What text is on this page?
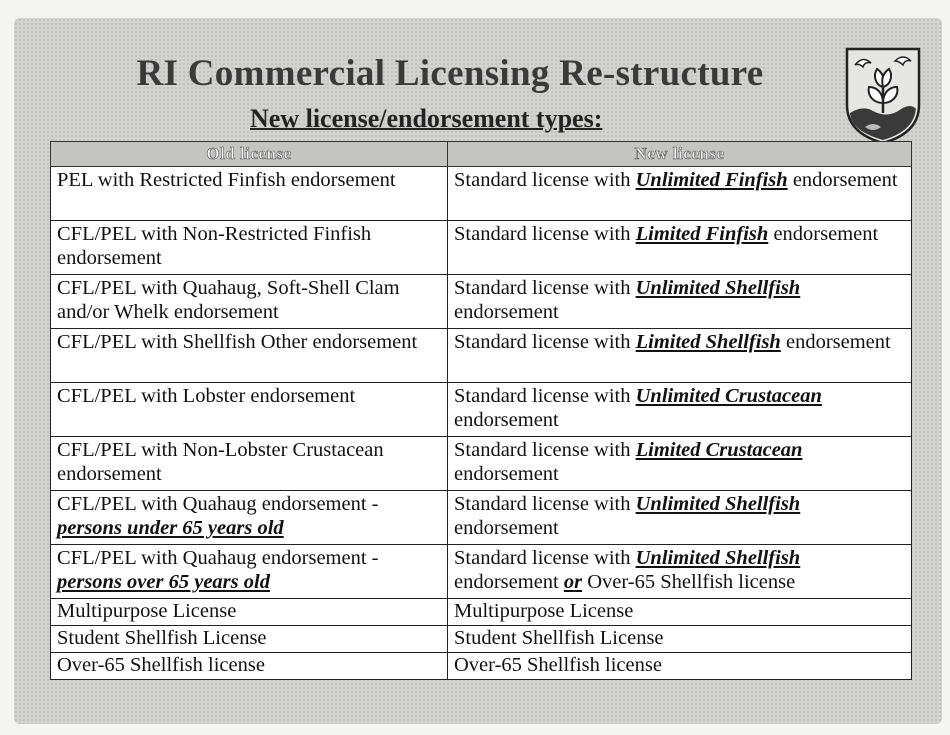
RI Commercial Licensing Re-structure
New license/endorsement types:
Old license	New license
PEL with Restricted Finfish endorsement	Standard license with Unlimited Finfish endorsement
CFL/PEL with Non-Restricted Finfish endorsement	Standard license with Limited Finfish endorsement
CFL/PEL with Quahaug, Soft-Shell Clam and/or Whelk endorsement	Standard license with Unlimited Shellfish endorsement
CFL/PEL with Shellfish Other endorsement	Standard license with Limited Shellfish endorsement
CFL/PEL with Lobster endorsement	Standard license with Unlimited Crustacean endorsement
CFL/PEL with Non-Lobster Crustacean endorsement	Standard license with Limited Crustacean endorsement
CFL/PEL with Quahaug endorsement - persons under 65 years old	Standard license with Unlimited Shellfish endorsement
CFL/PEL with Quahaug endorsement - persons over 65 years old	Standard license with Unlimited Shellfish endorsement or Over-65 Shellfish license
Multipurpose License	Multipurpose License
Student Shellfish License	Student Shellfish License
Over-65 Shellfish license	Over-65 Shellfish license
